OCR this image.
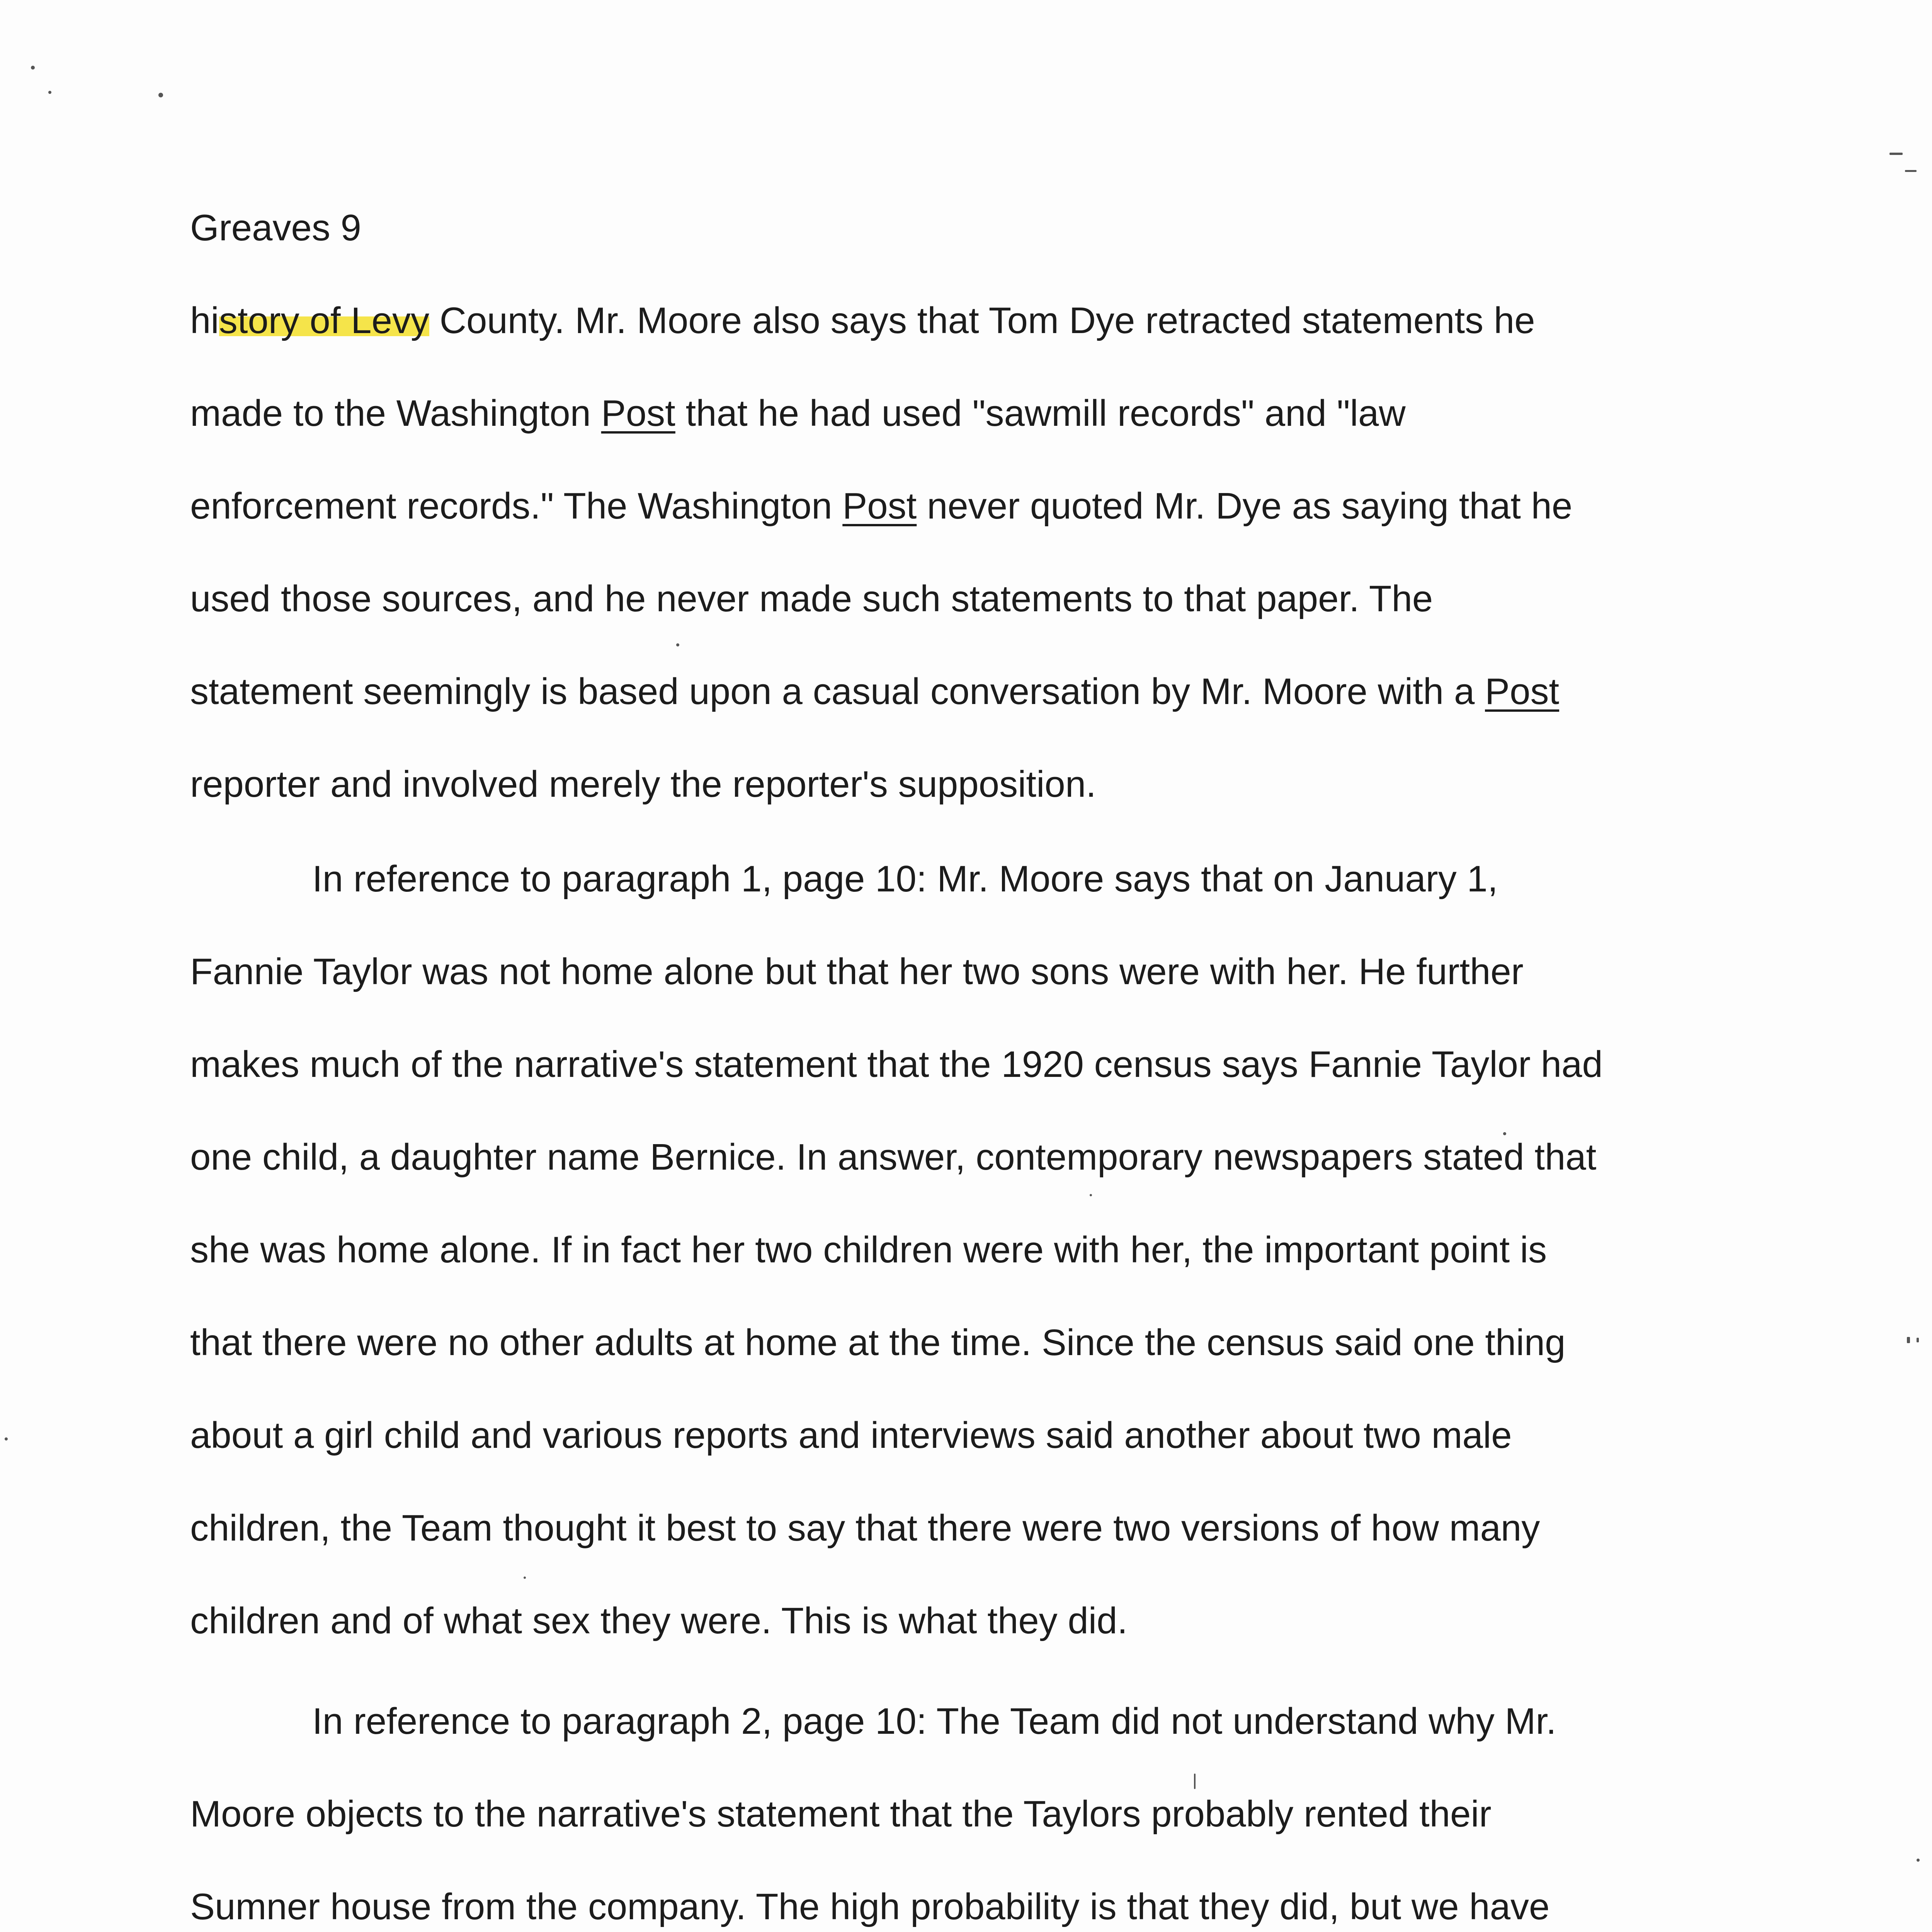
Greaves 9
history of Levy County. Mr. Moore also says that Tom Dye retracted statements he
made to the Washington Post that he had used "sawmill records" and "law
enforcement records." The Washington Post never quoted Mr. Dye as saying that he
used those sources, and he never made such statements to that paper. The
statement seemingly is based upon a casual conversation by Mr. Moore with a Post
reporter and involved merely the reporter's supposition.
In reference to paragraph 1, page 10: Mr. Moore says that on January 1,
Fannie Taylor was not home alone but that her two sons were with her. He further
makes much of the narrative's statement that the 1920 census says Fannie Taylor had
one child, a daughter name Bernice. In answer, contemporary newspapers stated that
she was home alone. If in fact her two children were with her, the important point is
that there were no other adults at home at the time. Since the census said one thing
about a girl child and various reports and interviews said another about two male
children, the Team thought it best to say that there were two versions of how many
children and of what sex they were. This is what they did.
In reference to paragraph 2, page 10: The Team did not understand why Mr.
Moore objects to the narrative's statement that the Taylors probably rented their
Sumner house from the company. The high probability is that they did, but we have
